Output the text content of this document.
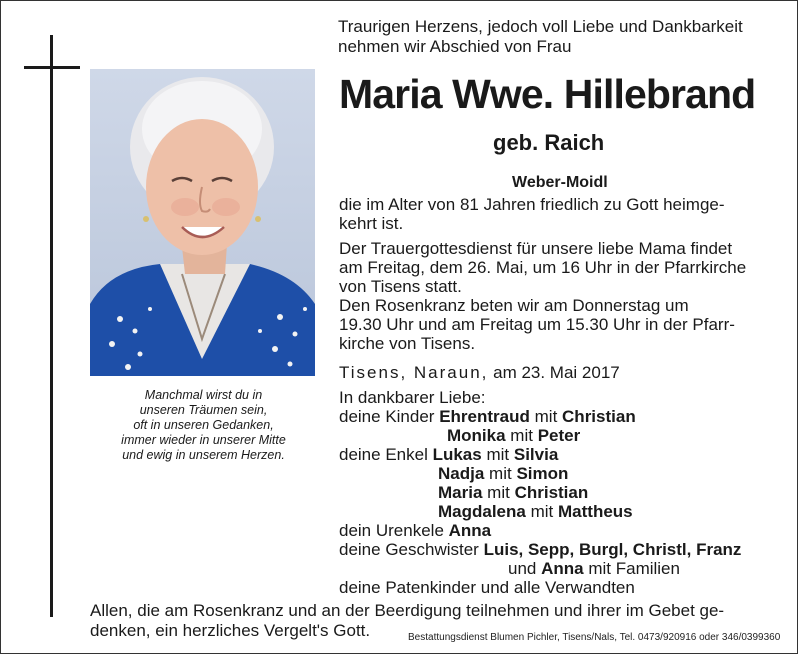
Manchmal wirst du in
unseren Träumen sein,
oft in unseren Gedanken,
immer wieder in unserer Mitte
und ewig in unserem Herzen.
Traurigen Herzens, jedoch voll Liebe und Dankbarkeit
nehmen wir Abschied von Frau
Maria Wwe. Hillebrand
geb. Raich
Weber-Moidl
die im Alter von 81 Jahren friedlich zu Gott heimge-
kehrt ist.
Der Trauergottesdienst für unsere liebe Mama findet
am Freitag, dem 26. Mai, um 16 Uhr in der Pfarrkirche
von Tisens statt.
Den Rosenkranz beten wir am Donnerstag um
19.30 Uhr und am Freitag um 15.30 Uhr in der Pfarr-
kirche von Tisens.
Tisens, Naraun, am 23. Mai 2017
In dankbarer Liebe:
deine Kinder Ehrentraud mit Christian
Monika mit Peter
deine Enkel Lukas mit Silvia
Nadja mit Simon
Maria mit Christian
Magdalena mit Mattheus
dein Urenkele Anna
deine Geschwister Luis, Sepp, Burgl, Christl, Franz
und Anna mit Familien
deine Patenkinder und alle Verwandten
Allen, die am Rosenkranz und an der Beerdigung teilnehmen und ihrer im Gebet ge-
denken, ein herzliches Vergelt's Gott.	Bestattungsdienst Blumen Pichler, Tisens/Nals, Tel. 0473/920916 oder 346/0399360
